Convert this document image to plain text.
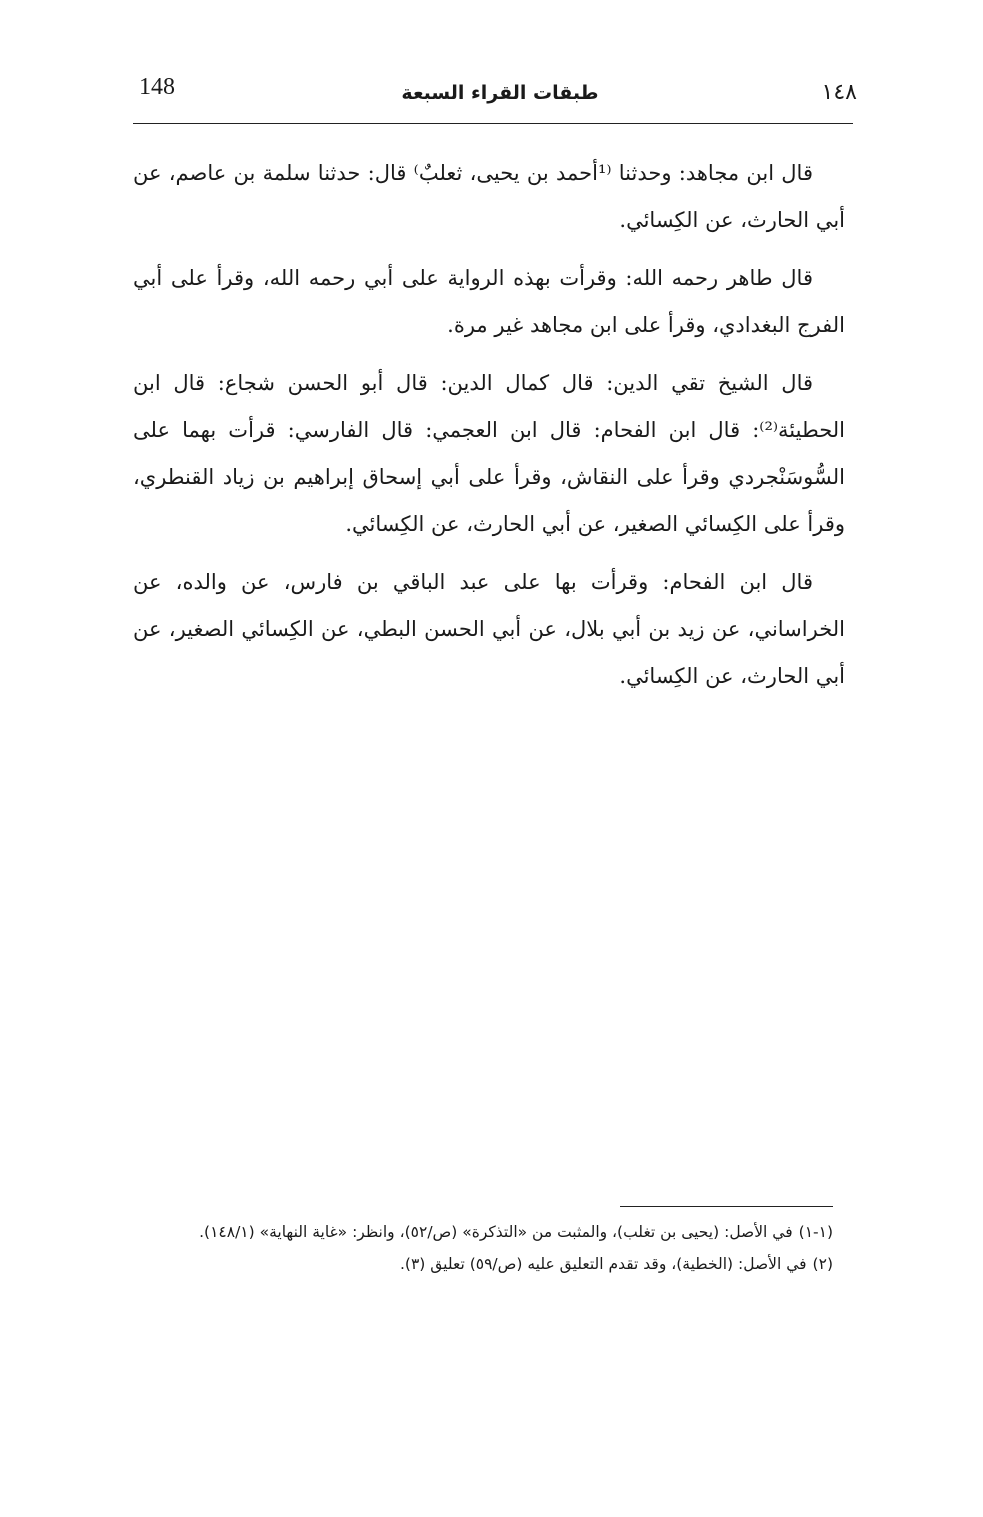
148	طبقات القراء السبعة	١٤٨

قال ابن مجاهد: وحدثنا ⁽¹أحمد بن يحيى، ثعلبٌ⁾ قال: حدثنا سلمة بن عاصم، عن أبي الحارث، عن الكِسائي.

قال طاهر رحمه الله: وقرأت بهذه الرواية على أبي رحمه الله، وقرأ على أبي الفرج البغدادي، وقرأ على ابن مجاهد غير مرة.

قال الشيخ تقي الدين: قال كمال الدين: قال أبو الحسن شجاع: قال ابن الحطيئة⁽²⁾: قال ابن الفحام: قال ابن العجمي: قال الفارسي: قرأت بهما على السُّوسَنْجردي وقرأ على النقاش، وقرأ على أبي إسحاق إبراهيم بن زياد القنطري، وقرأ على الكِسائي الصغير، عن أبي الحارث، عن الكِسائي.

قال ابن الفحام: وقرأت بها على عبد الباقي بن فارس، عن والده، عن الخراساني، عن زيد بن أبي بلال، عن أبي الحسن البطي، عن الكِسائي الصغير، عن أبي الحارث، عن الكِسائي.

(١-١)في الأصل: (يحيى بن تغلب)، والمثبت من «التذكرة» (ص/٥٢)، وانظر: «غاية النهاية» (١٤٨/١).

(٢)في الأصل: (الخطية)، وقد تقدم التعليق عليه (ص/٥٩) تعليق (٣).
